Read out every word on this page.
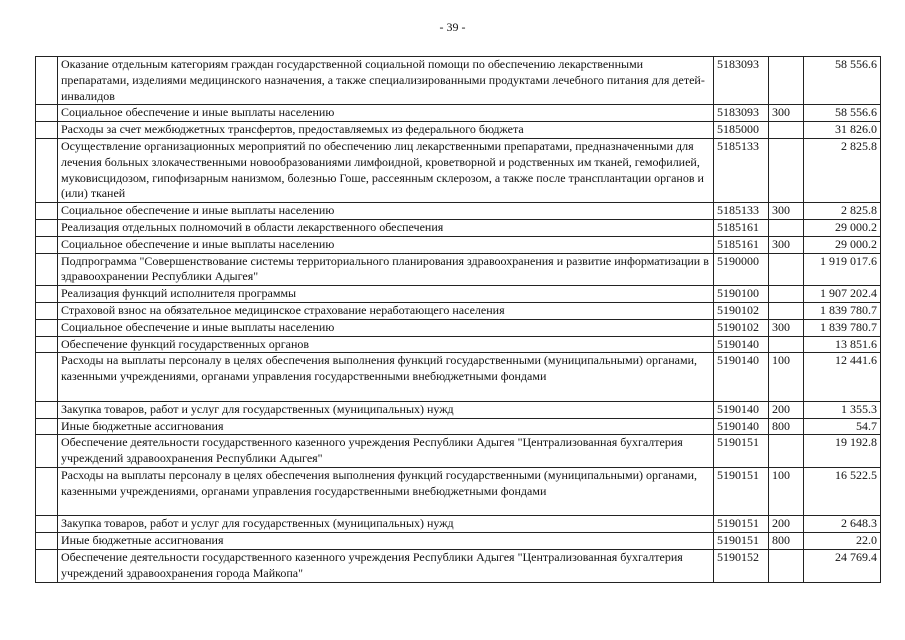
- 39 -
	Оказание отдельным категориям граждан государственной социальной помощи по обеспечению лекарственными препаратами, изделиями медицинского назначения, а также специализированными продуктами лечебного питания для детей-инвалидов	5183093		58 556.6
	Социальное обеспечение и иные выплаты населению	5183093	300	58 556.6
	Расходы за счет межбюджетных трансфертов, предоставляемых из федерального бюджета	5185000		31 826.0
	Осуществление организационных мероприятий по обеспечению лиц лекарственными препаратами, предназначенными для лечения больных злокачественными новообразованиями лимфоидной, кроветворной и родственных им тканей, гемофилией, муковисцидозом, гипофизарным нанизмом, болезнью Гоше, рассеянным склерозом, а также после трансплантации органов и (или) тканей	5185133		2 825.8
	Социальное обеспечение и иные выплаты населению	5185133	300	2 825.8
	Реализация отдельных полномочий в области лекарственного обеспечения	5185161		29 000.2
	Социальное обеспечение и иные выплаты населению	5185161	300	29 000.2
	Подпрограмма "Совершенствование системы территориального планирования здравоохранения и развитие информатизации в здравоохранении Республики Адыгея"	5190000		1 919 017.6
	Реализация функций исполнителя программы	5190100		1 907 202.4
	Страховой взнос на обязательное медицинское страхование неработающего населения	5190102		1 839 780.7
	Социальное обеспечение и иные выплаты населению	5190102	300	1 839 780.7
	Обеспечение функций государственных органов	5190140		13 851.6
	Расходы на выплаты персоналу в целях обеспечения выполнения функций государственными (муниципальными) органами, казенными учреждениями, органами управления государственными внебюджетными фондами	5190140	100	12 441.6
	Закупка товаров, работ и услуг для государственных (муниципальных) нужд	5190140	200	1 355.3
	Иные бюджетные ассигнования	5190140	800	54.7
	Обеспечение деятельности государственного казенного учреждения Республики Адыгея "Централизованная бухгалтерия учреждений здравоохранения Республики Адыгея"	5190151		19 192.8
	Расходы на выплаты персоналу в целях обеспечения выполнения функций государственными (муниципальными) органами, казенными учреждениями, органами управления государственными внебюджетными фондами	5190151	100	16 522.5
	Закупка товаров, работ и услуг для государственных (муниципальных) нужд	5190151	200	2 648.3
	Иные бюджетные ассигнования	5190151	800	22.0
	Обеспечение деятельности государственного казенного учреждения Республики Адыгея "Централизованная бухгалтерия учреждений здравоохранения города Майкопа"	5190152		24 769.4
